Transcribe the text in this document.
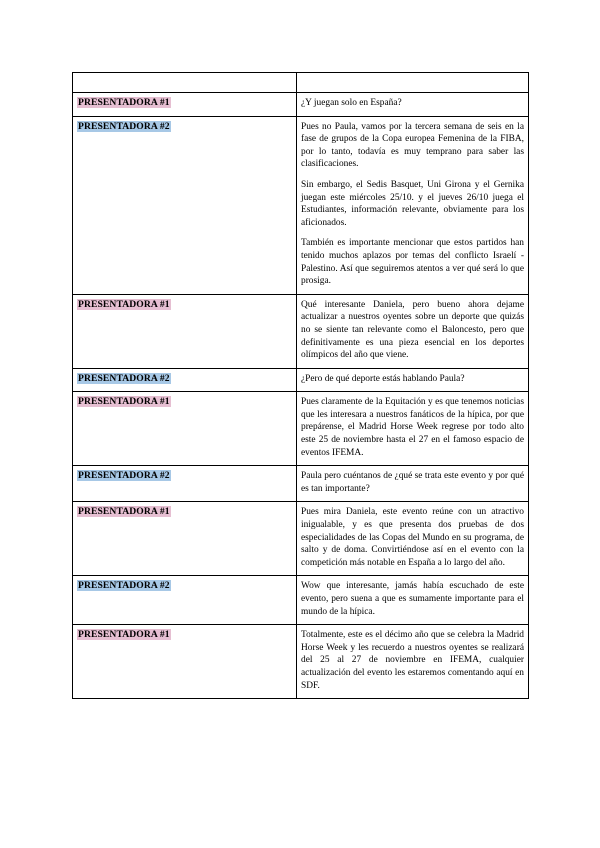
PRESENTADORA #1	¿Y juegan solo en España?

PRESENTADORA #2	Pues no Paula, vamos por la tercera semana de seis en la fase de grupos de la Copa europea Femenina de la FIBA, por lo tanto, todavía es muy temprano para saber las clasificaciones.

Sin embargo, el Sedis Basquet, Uni Girona y el Gernika juegan este miércoles 25/10. y el jueves 26/10 juega el Estudiantes, información relevante, obviamente para los aficionados.

También es importante mencionar que estos partidos han tenido muchos aplazos por temas del conflicto Israelí - Palestino. Así que seguiremos atentos a ver qué será lo que prosiga.

PRESENTADORA #1	Qué interesante Daniela, pero bueno ahora dejame actualizar a nuestros oyentes sobre un deporte que quizás no se siente tan relevante como el Baloncesto, pero que definitivamente es una pieza esencial en los deportes olímpicos del año que viene.

PRESENTADORA #2	¿Pero de qué deporte estás hablando Paula?

PRESENTADORA #1	Pues claramente de la Equitación y es que tenemos noticias que les interesara a nuestros fanáticos de la hípica, por que prepárense, el Madrid Horse Week regrese por todo alto este 25 de noviembre hasta el 27 en el famoso espacio de eventos IFEMA.

PRESENTADORA #2	Paula pero cuéntanos de ¿qué se trata este evento y por qué es tan importante?

PRESENTADORA #1	Pues mira Daniela, este evento reúne con un atractivo inigualable, y es que presenta dos pruebas de dos especialidades de las Copas del Mundo en su programa, de salto y de doma. Convirtiéndose así en el evento con la competición más notable en España a lo largo del año.

PRESENTADORA #2	Wow que interesante, jamás había escuchado de este evento, pero suena a que es sumamente importante para el mundo de la hípica.

PRESENTADORA #1	Totalmente, este es el décimo año que se celebra la Madrid Horse Week y les recuerdo a nuestros oyentes se realizará del 25 al 27 de noviembre en IFEMA, cualquier actualización del evento les estaremos comentando aquí en SDF.
